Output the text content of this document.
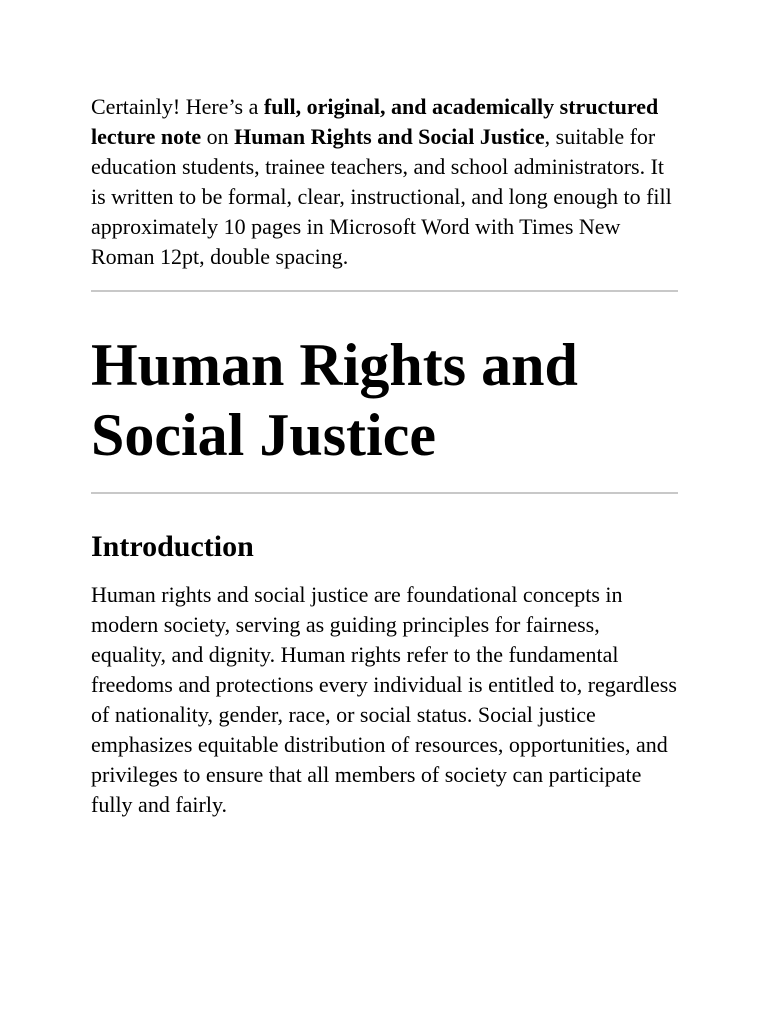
Certainly! Here’s a full, original, and academically structured lecture note on Human Rights and Social Justice, suitable for education students, trainee teachers, and school administrators. It is written to be formal, clear, instructional, and long enough to fill approximately 10 pages in Microsoft Word with Times New Roman 12pt, double spacing.

Human Rights and Social Justice
Introduction

Human rights and social justice are foundational concepts in modern society, serving as guiding principles for fairness, equality, and dignity. Human rights refer to the fundamental freedoms and protections every individual is entitled to, regardless of nationality, gender, race, or social status. Social justice emphasizes equitable distribution of resources, opportunities, and privileges to ensure that all members of society can participate fully and fairly.
